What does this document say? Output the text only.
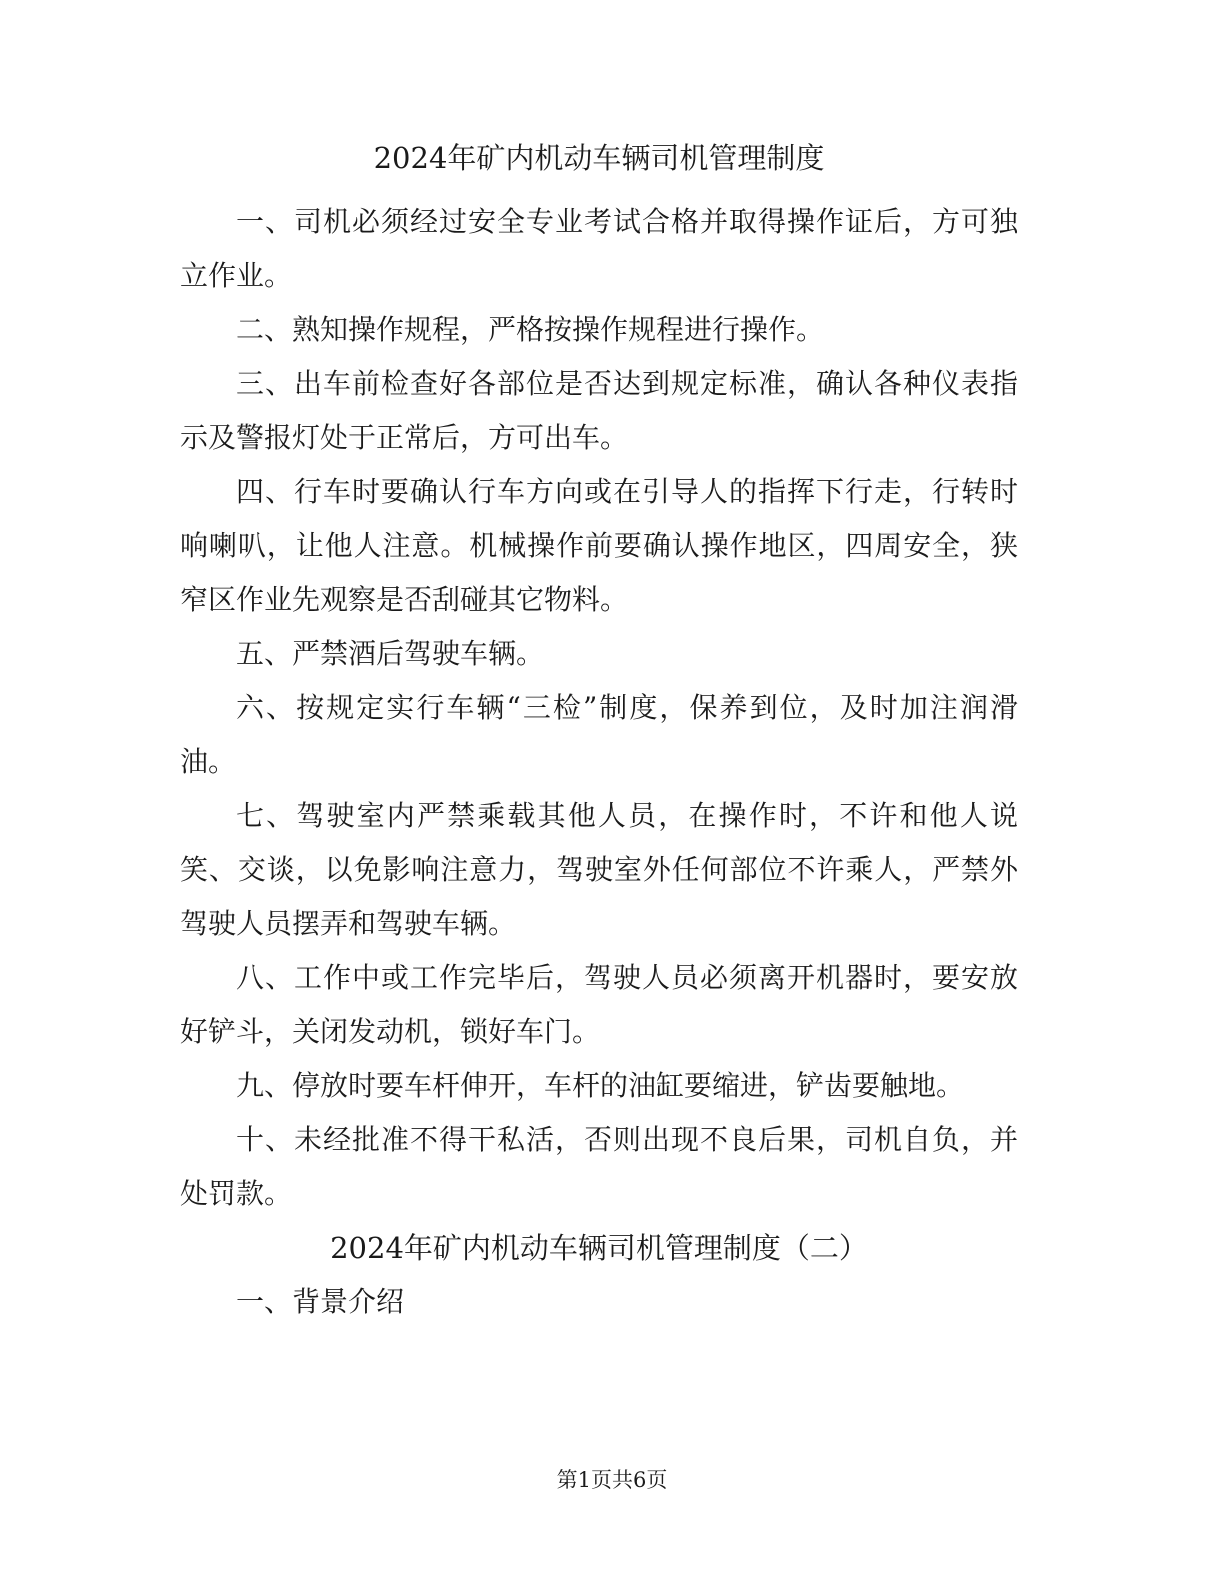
2024年矿内机动车辆司机管理制度

一、司机必须经过安全专业考试合格并取得操作证后，方可独立作业。

二、熟知操作规程，严格按操作规程进行操作。

三、出车前检查好各部位是否达到规定标准，确认各种仪表指示及警报灯处于正常后，方可出车。

四、行车时要确认行车方向或在引导人的指挥下行走，行转时响喇叭，让他人注意。机械操作前要确认操作地区，四周安全，狭窄区作业先观察是否刮碰其它物料。

五、严禁酒后驾驶车辆。

六、按规定实行车辆“三检”制度，保养到位，及时加注润滑油。

七、驾驶室内严禁乘载其他人员，在操作时，不许和他人说笑、交谈，以免影响注意力，驾驶室外任何部位不许乘人，严禁外驾驶人员摆弄和驾驶车辆。

八、工作中或工作完毕后，驾驶人员必须离开机器时，要安放好铲斗，关闭发动机，锁好车门。

九、停放时要车杆伸开，车杆的油缸要缩进，铲齿要触地。

十、未经批准不得干私活，否则出现不良后果，司机自负，并处罚款。

2024年矿内机动车辆司机管理制度（二）

一、背景介绍

第1页共6页
